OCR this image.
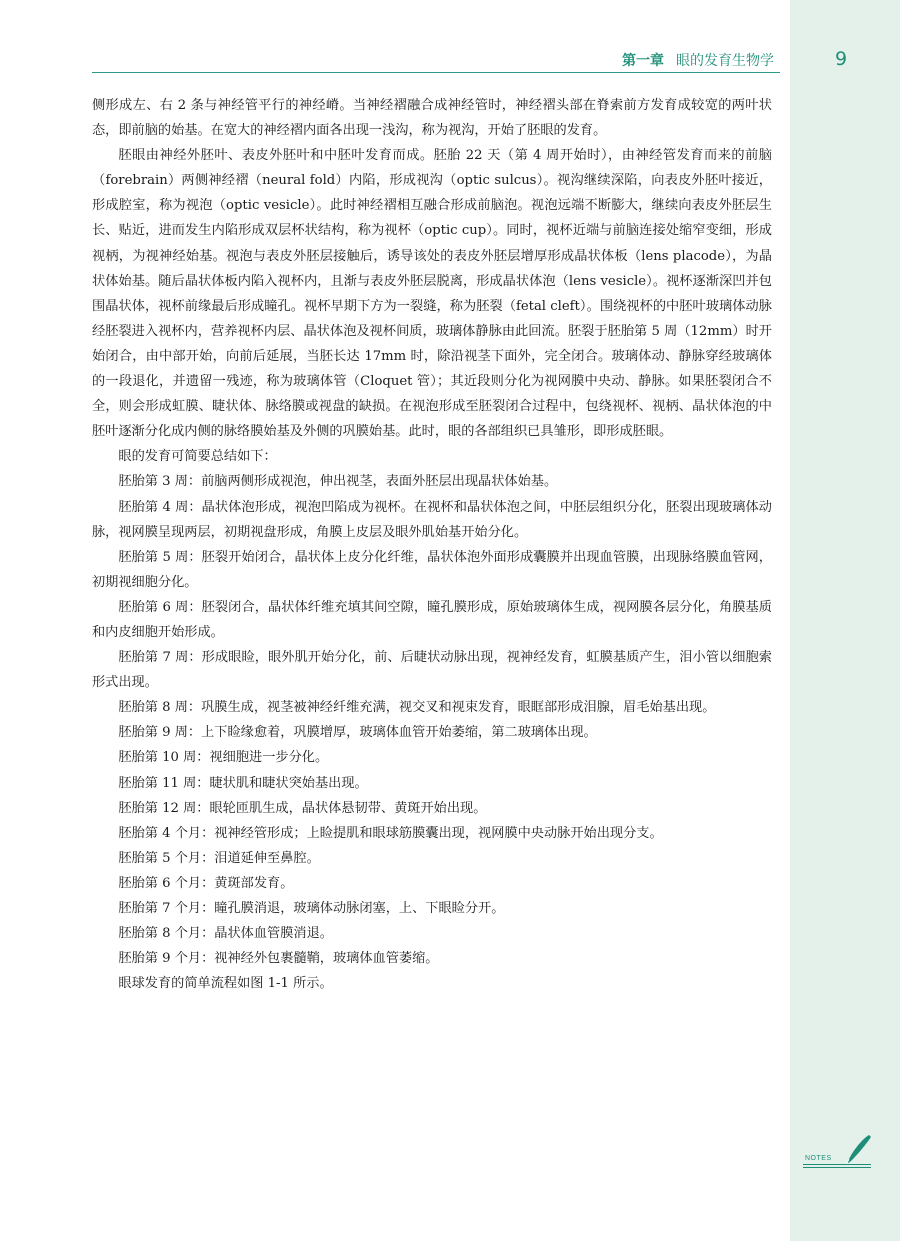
第一章 眼的发育生物学	9

侧形成左、右 2 条与神经管平行的神经嵴。当神经褶融合成神经管时，神经褶头部在脊索前方发育成较宽的两叶状态，即前脑的始基。在宽大的神经褶内面各出现一浅沟，称为视沟，开始了胚眼的发育。

胚眼由神经外胚叶、表皮外胚叶和中胚叶发育而成。胚胎 22 天（第 4 周开始时），由神经管发育而来的前脑（forebrain）两侧神经褶（neural fold）内陷，形成视沟（optic sulcus）。视沟继续深陷，向表皮外胚叶接近，形成腔室，称为视泡（optic vesicle）。此时神经褶相互融合形成前脑泡。视泡远端不断膨大，继续向表皮外胚层生长、贴近，进而发生内陷形成双层杯状结构，称为视杯（optic cup）。同时，视杯近端与前脑连接处缩窄变细，形成视柄，为视神经始基。视泡与表皮外胚层接触后，诱导该处的表皮外胚层增厚形成晶状体板（lens placode），为晶状体始基。随后晶状体板内陷入视杯内，且渐与表皮外胚层脱离，形成晶状体泡（lens vesicle）。视杯逐渐深凹并包围晶状体，视杯前缘最后形成瞳孔。视杯早期下方为一裂缝，称为胚裂（fetal cleft）。围绕视杯的中胚叶玻璃体动脉经胚裂进入视杯内，营养视杯内层、晶状体泡及视杯间质，玻璃体静脉由此回流。胚裂于胚胎第 5 周（12mm）时开始闭合，由中部开始，向前后延展，当胚长达 17mm 时，除沿视茎下面外，完全闭合。玻璃体动、静脉穿经玻璃体的一段退化，并遗留一残迹，称为玻璃体管（Cloquet 管）；其近段则分化为视网膜中央动、静脉。如果胚裂闭合不全，则会形成虹膜、睫状体、脉络膜或视盘的缺损。在视泡形成至胚裂闭合过程中，包绕视杯、视柄、晶状体泡的中胚叶逐渐分化成内侧的脉络膜始基及外侧的巩膜始基。此时，眼的各部组织已具雏形，即形成胚眼。

眼的发育可简要总结如下：

胚胎第 3 周：前脑两侧形成视泡，伸出视茎，表面外胚层出现晶状体始基。

胚胎第 4 周：晶状体泡形成，视泡凹陷成为视杯。在视杯和晶状体泡之间，中胚层组织分化，胚裂出现玻璃体动脉，视网膜呈现两层，初期视盘形成，角膜上皮层及眼外肌始基开始分化。

胚胎第 5 周：胚裂开始闭合，晶状体上皮分化纤维，晶状体泡外面形成囊膜并出现血管膜，出现脉络膜血管网，初期视细胞分化。

胚胎第 6 周：胚裂闭合，晶状体纤维充填其间空隙，瞳孔膜形成，原始玻璃体生成，视网膜各层分化，角膜基质和内皮细胞开始形成。

胚胎第 7 周：形成眼睑，眼外肌开始分化，前、后睫状动脉出现，视神经发育，虹膜基质产生，泪小管以细胞索形式出现。

胚胎第 8 周：巩膜生成，视茎被神经纤维充满，视交叉和视束发育，眼眶部形成泪腺，眉毛始基出现。

胚胎第 9 周：上下睑缘愈着，巩膜增厚，玻璃体血管开始萎缩，第二玻璃体出现。

胚胎第 10 周：视细胞进一步分化。

胚胎第 11 周：睫状肌和睫状突始基出现。

胚胎第 12 周：眼轮匝肌生成，晶状体悬韧带、黄斑开始出现。

胚胎第 4 个月：视神经管形成；上睑提肌和眼球筋膜囊出现，视网膜中央动脉开始出现分支。

胚胎第 5 个月：泪道延伸至鼻腔。

胚胎第 6 个月：黄斑部发育。

胚胎第 7 个月：瞳孔膜消退，玻璃体动脉闭塞，上、下眼睑分开。

胚胎第 8 个月：晶状体血管膜消退。

胚胎第 9 个月：视神经外包裹髓鞘，玻璃体血管萎缩。

眼球发育的简单流程如图 1-1 所示。

NOTES
